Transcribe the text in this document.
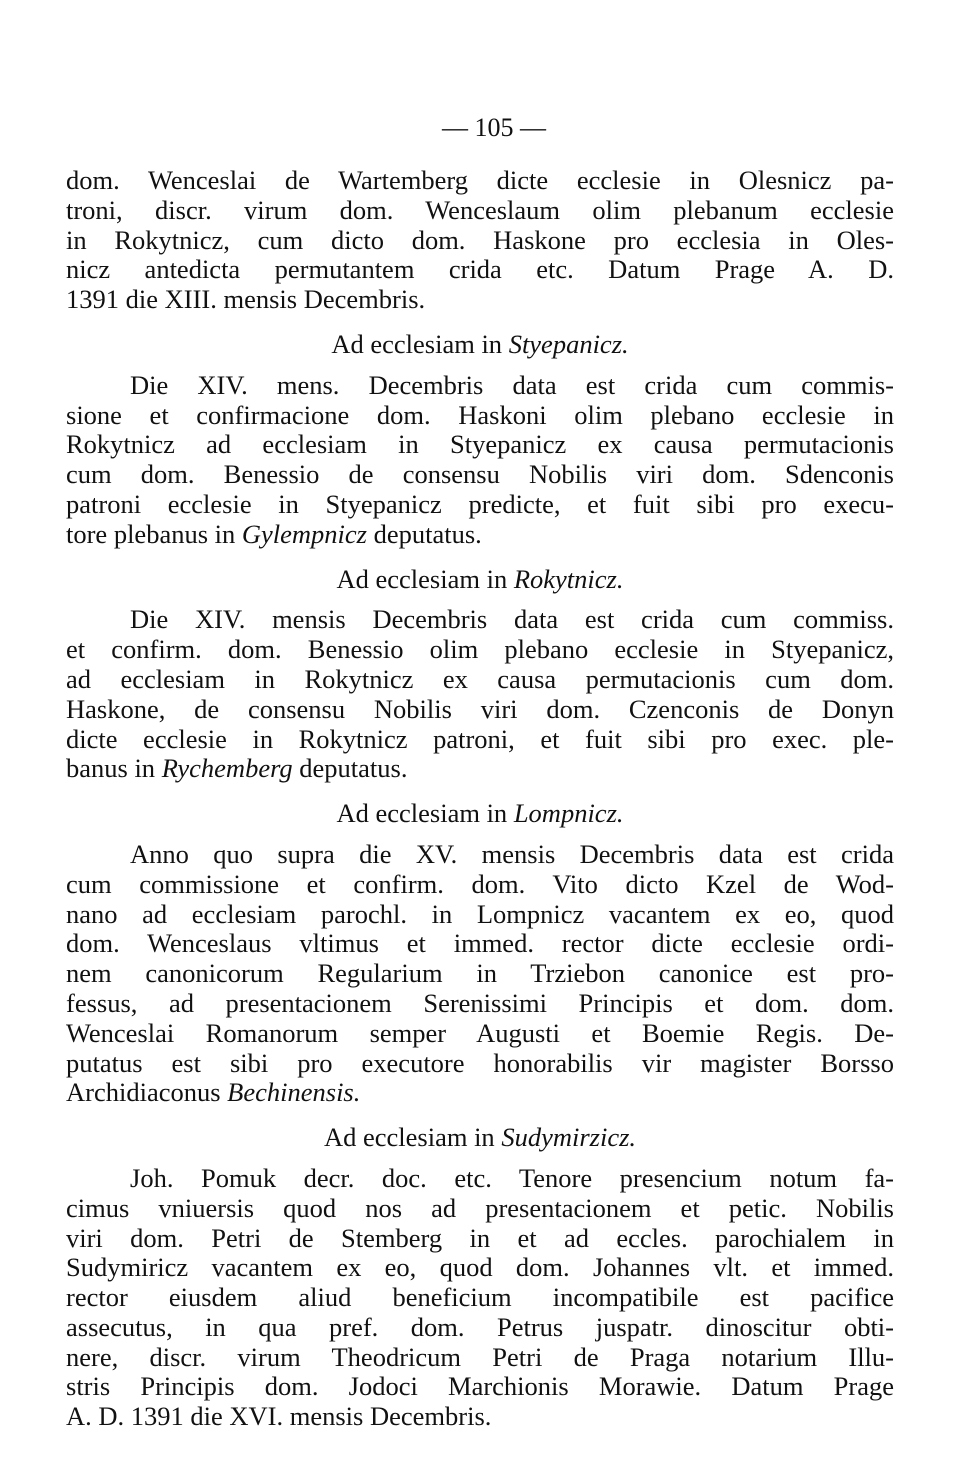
— 105 —

dom. Wenceslai de Wartemberg dicte ecclesie in Olesnicz pa-
troni, discr. virum dom. Wenceslaum olim plebanum ecclesie
in Rokytnicz, cum dicto dom. Haskone pro ecclesia in Oles-
nicz antedicta permutantem crida etc. Datum Prage A. D.
1391 die XIII. mensis Decembris.

Ad ecclesiam in Styepanicz.

Die XIV. mens. Decembris data est crida cum commis-
sione et confirmacione dom. Haskoni olim plebano ecclesie in
Rokytnicz ad ecclesiam in Styepanicz ex causa permutacionis
cum dom. Benessio de consensu Nobilis viri dom. Sdenconis
patroni ecclesie in Styepanicz predicte, et fuit sibi pro execu-
tore plebanus in Gylempnicz deputatus.

Ad ecclesiam in Rokytnicz.

Die XIV. mensis Decembris data est crida cum commiss.
et confirm. dom. Benessio olim plebano ecclesie in Styepanicz,
ad ecclesiam in Rokytnicz ex causa permutacionis cum dom.
Haskone, de consensu Nobilis viri dom. Czenconis de Donyn
dicte ecclesie in Rokytnicz patroni, et fuit sibi pro exec. ple-
banus in Rychemberg deputatus.

Ad ecclesiam in Lompnicz.

Anno quo supra die XV. mensis Decembris data est crida
cum commissione et confirm. dom. Vito dicto Kzel de Wod-
nano ad ecclesiam parochl. in Lompnicz vacantem ex eo, quod
dom. Wenceslaus vltimus et immed. rector dicte ecclesie ordi-
nem canonicorum Regularium in Trziebon canonice est pro-
fessus, ad presentacionem Serenissimi Principis et dom. dom.
Wenceslai Romanorum semper Augusti et Boemie Regis. De-
putatus est sibi pro executore honorabilis vir magister Borsso
Archidiaconus Bechinensis.

Ad ecclesiam in Sudymirzicz.

Joh. Pomuk decr. doc. etc. Tenore presencium notum fa-
cimus vniuersis quod nos ad presentacionem et petic. Nobilis
viri dom. Petri de Stemberg in et ad eccles. parochialem in
Sudymiricz vacantem ex eo, quod dom. Johannes vlt. et immed.
rector eiusdem aliud beneficium incompatibile est pacifice
assecutus, in qua pref. dom. Petrus juspatr. dinoscitur obti-
nere, discr. virum Theodricum Petri de Praga notarium Illu-
stris Principis dom. Jodoci Marchionis Morawie. Datum Prage
A. D. 1391 die XVI. mensis Decembris.
